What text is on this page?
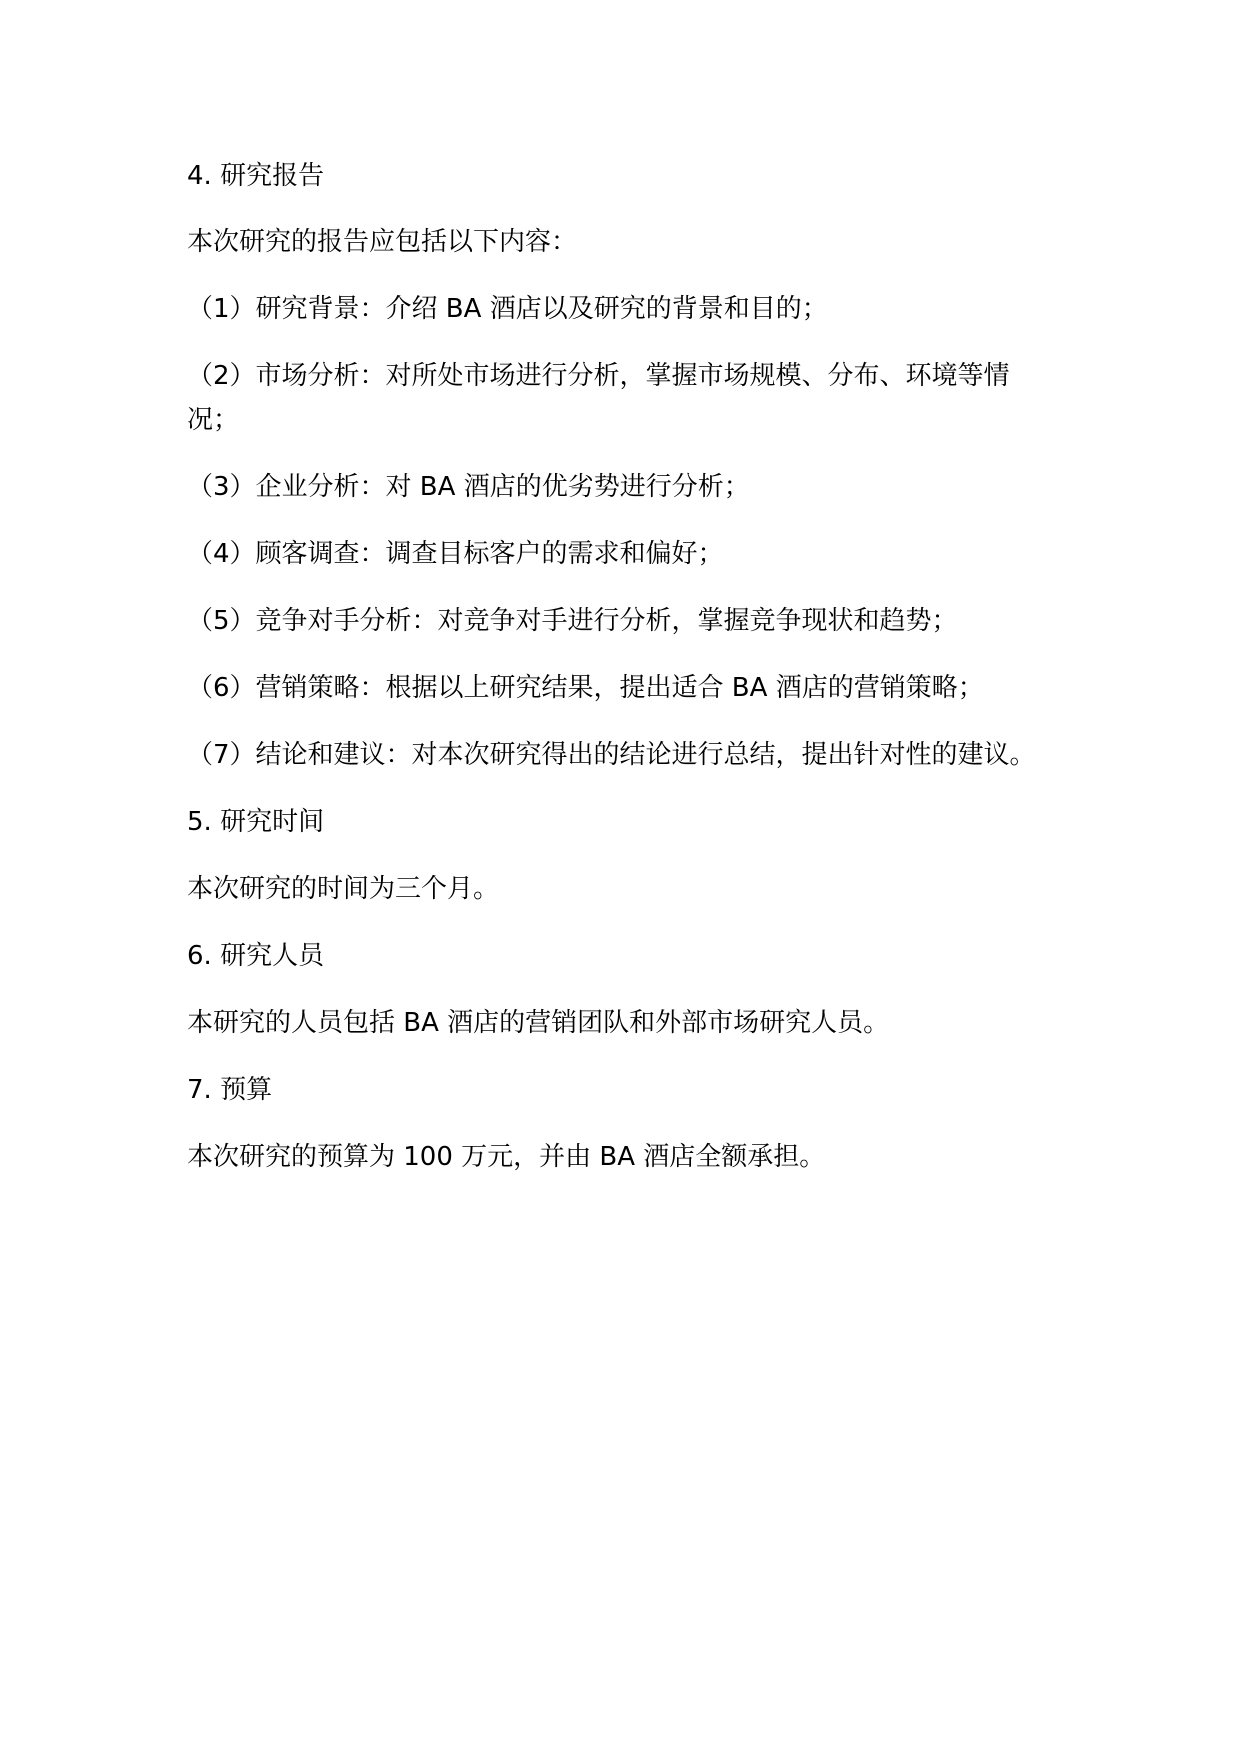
4. 研究报告
本次研究的报告应包括以下内容：
（1）研究背景：介绍 BA 酒店以及研究的背景和目的；
（2）市场分析：对所处市场进行分析，掌握市场规模、分布、环境等情
况；
（3）企业分析：对 BA 酒店的优劣势进行分析；
（4）顾客调查：调查目标客户的需求和偏好；
（5）竞争对手分析：对竞争对手进行分析，掌握竞争现状和趋势；
（6）营销策略：根据以上研究结果，提出适合 BA 酒店的营销策略；
（7）结论和建议：对本次研究得出的结论进行总结，提出针对性的建议。
5. 研究时间
本次研究的时间为三个月。
6. 研究人员
本研究的人员包括 BA 酒店的营销团队和外部市场研究人员。
7. 预算
本次研究的预算为 100 万元，并由 BA 酒店全额承担。
